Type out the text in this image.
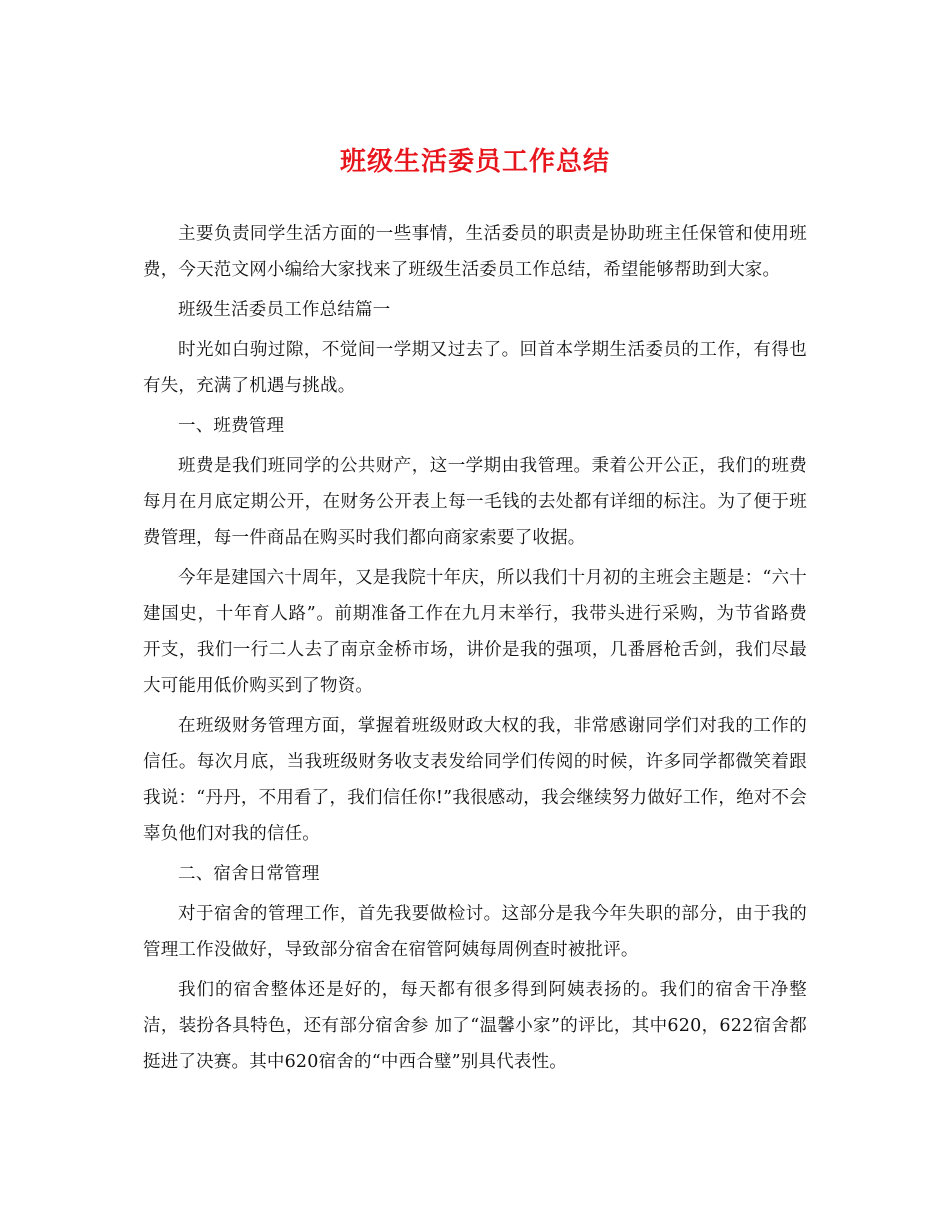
班级生活委员工作总结

主要负责同学生活方面的一些事情，生活委员的职责是协助班主任保管和使用班费，今天范文网小编给大家找来了班级生活委员工作总结，希望能够帮助到大家。

班级生活委员工作总结篇一

时光如白驹过隙，不觉间一学期又过去了。回首本学期生活委员的工作，有得也有失，充满了机遇与挑战。

一、班费管理

班费是我们班同学的公共财产，这一学期由我管理。秉着公开公正，我们的班费每月在月底定期公开，在财务公开表上每一毛钱的去处都有详细的标注。为了便于班费管理，每一件商品在购买时我们都向商家索要了收据。

今年是建国六十周年，又是我院十年庆，所以我们十月初的主班会主题是：“六十建国史，十年育人路”。前期准备工作在九月末举行，我带头进行采购，为节省路费开支，我们一行二人去了南京金桥市场，讲价是我的强项，几番唇枪舌剑，我们尽最大可能用低价购买到了物资。

在班级财务管理方面，掌握着班级财政大权的我，非常感谢同学们对我的工作的信任。每次月底，当我班级财务收支表发给同学们传阅的时候，许多同学都微笑着跟我说：“丹丹，不用看了，我们信任你!”我很感动，我会继续努力做好工作，绝对不会辜负他们对我的信任。

二、宿舍日常管理

对于宿舍的管理工作，首先我要做检讨。这部分是我今年失职的部分，由于我的管理工作没做好，导致部分宿舍在宿管阿姨每周例查时被批评。

我们的宿舍整体还是好的，每天都有很多得到阿姨表扬的。我们的宿舍干净整洁，装扮各具特色，还有部分宿舍参 加了“温馨小家”的评比，其中620，622宿舍都挺进了决赛。其中620宿舍的“中西合璧”别具代表性。
